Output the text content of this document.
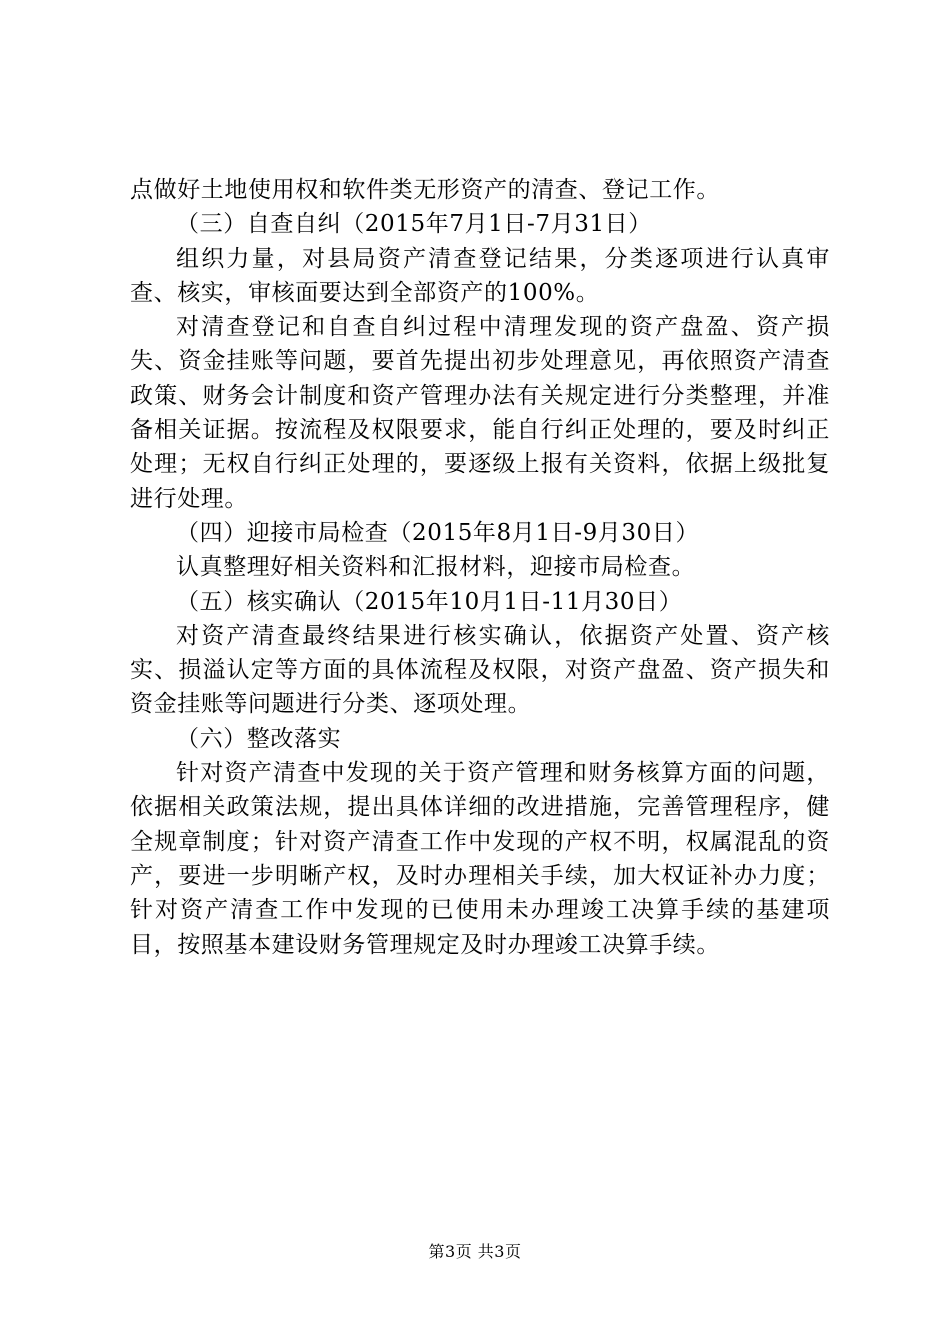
点做好土地使用权和软件类无形资产的清查、登记工作。

（三）自查自纠（2015年7月1日-7月31日）

组织力量，对县局资产清查登记结果，分类逐项进行认真审查、核实，审核面要达到全部资产的100%。

对清查登记和自查自纠过程中清理发现的资产盘盈、资产损失、资金挂账等问题，要首先提出初步处理意见，再依照资产清查政策、财务会计制度和资产管理办法有关规定进行分类整理，并准备相关证据。按流程及权限要求，能自行纠正处理的，要及时纠正处理；无权自行纠正处理的，要逐级上报有关资料，依据上级批复进行处理。

（四）迎接市局检查（2015年8月1日-9月30日）

认真整理好相关资料和汇报材料，迎接市局检查。

（五）核实确认（2015年10月1日-11月30日）

对资产清查最终结果进行核实确认，依据资产处置、资产核实、损溢认定等方面的具体流程及权限，对资产盘盈、资产损失和资金挂账等问题进行分类、逐项处理。

（六）整改落实

针对资产清查中发现的关于资产管理和财务核算方面的问题，依据相关政策法规，提出具体详细的改进措施，完善管理程序，健全规章制度；针对资产清查工作中发现的产权不明，权属混乱的资产，要进一步明晰产权，及时办理相关手续，加大权证补办力度；针对资产清查工作中发现的已使用未办理竣工决算手续的基建项目，按照基本建设财务管理规定及时办理竣工决算手续。

第3页 共3页
